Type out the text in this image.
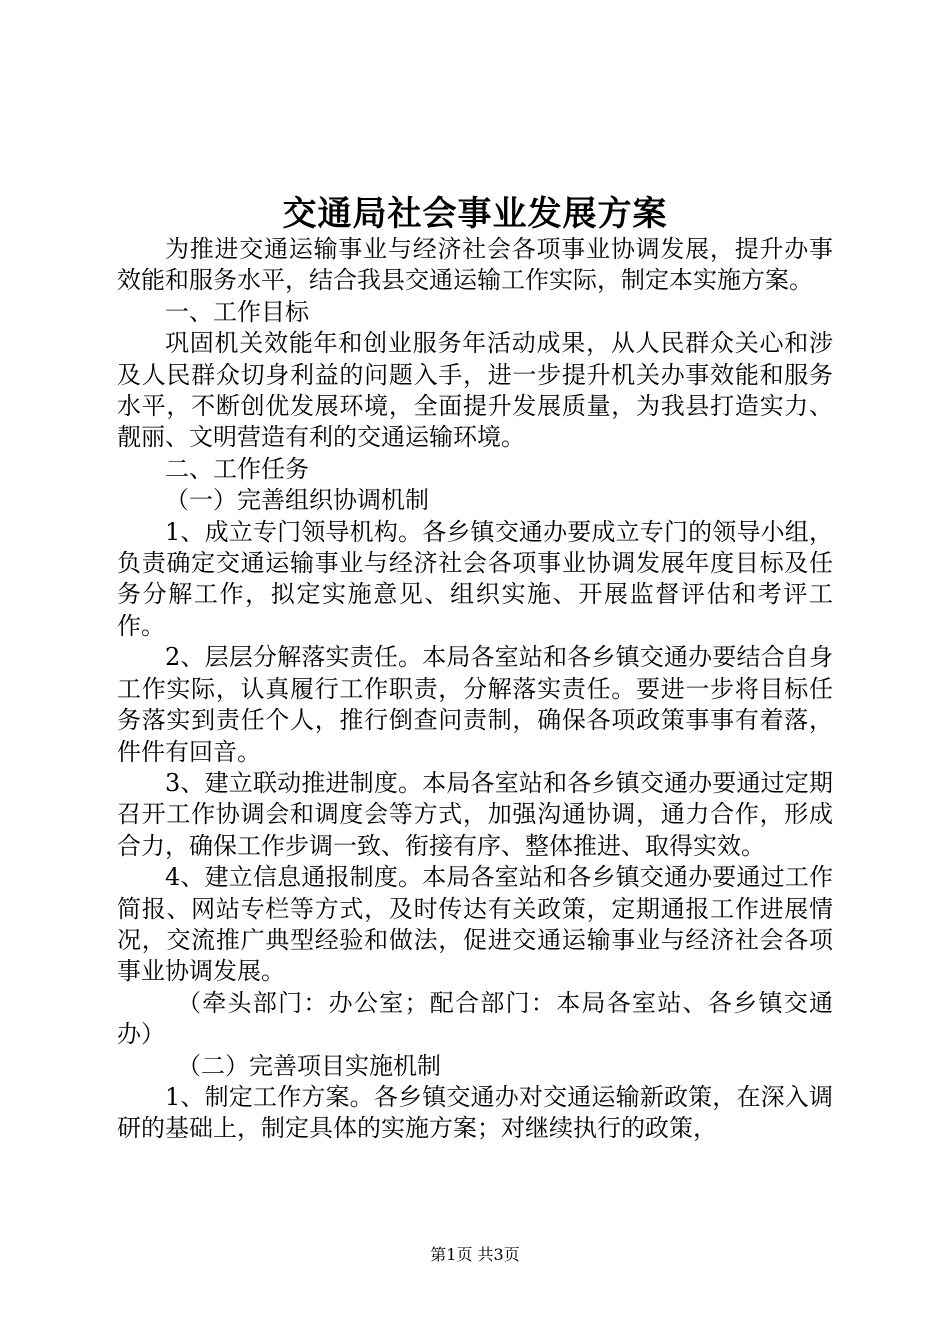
交通局社会事业发展方案

为推进交通运输事业与经济社会各项事业协调发展，提升办事效能和服务水平，结合我县交通运输工作实际，制定本实施方案。

一、工作目标

巩固机关效能年和创业服务年活动成果，从人民群众关心和涉及人民群众切身利益的问题入手，进一步提升机关办事效能和服务水平，不断创优发展环境，全面提升发展质量，为我县打造实力、靓丽、文明营造有利的交通运输环境。

二、工作任务

（一）完善组织协调机制

1、成立专门领导机构。各乡镇交通办要成立专门的领导小组，负责确定交通运输事业与经济社会各项事业协调发展年度目标及任务分解工作，拟定实施意见、组织实施、开展监督评估和考评工作。

2、层层分解落实责任。本局各室站和各乡镇交通办要结合自身工作实际，认真履行工作职责，分解落实责任。要进一步将目标任务落实到责任个人，推行倒查问责制，确保各项政策事事有着落，件件有回音。

3、建立联动推进制度。本局各室站和各乡镇交通办要通过定期召开工作协调会和调度会等方式，加强沟通协调，通力合作，形成合力，确保工作步调一致、衔接有序、整体推进、取得实效。

4、建立信息通报制度。本局各室站和各乡镇交通办要通过工作简报、网站专栏等方式，及时传达有关政策，定期通报工作进展情况，交流推广典型经验和做法，促进交通运输事业与经济社会各项事业协调发展。

（牵头部门：办公室；配合部门：本局各室站、各乡镇交通办）

（二）完善项目实施机制

1、制定工作方案。各乡镇交通办对交通运输新政策，在深入调研的基础上，制定具体的实施方案；对继续执行的政策，

第1页 共3页
